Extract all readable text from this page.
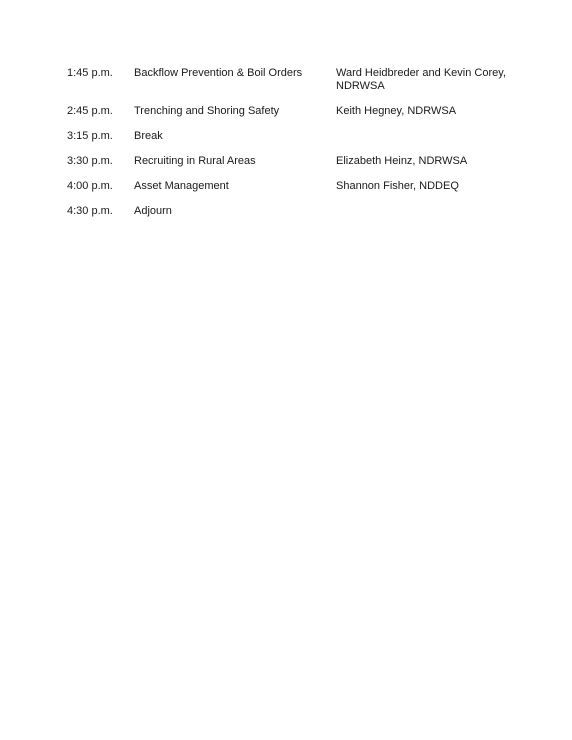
1:45 p.m.	Backflow Prevention & Boil Orders	Ward Heidbreder and Kevin Corey, NDRWSA
2:45 p.m.	Trenching and Shoring Safety	Keith Hegney, NDRWSA
3:15 p.m.	Break
3:30 p.m.	Recruiting in Rural Areas	Elizabeth Heinz, NDRWSA
4:00 p.m.	Asset Management	Shannon Fisher, NDDEQ
4:30 p.m.	Adjourn
